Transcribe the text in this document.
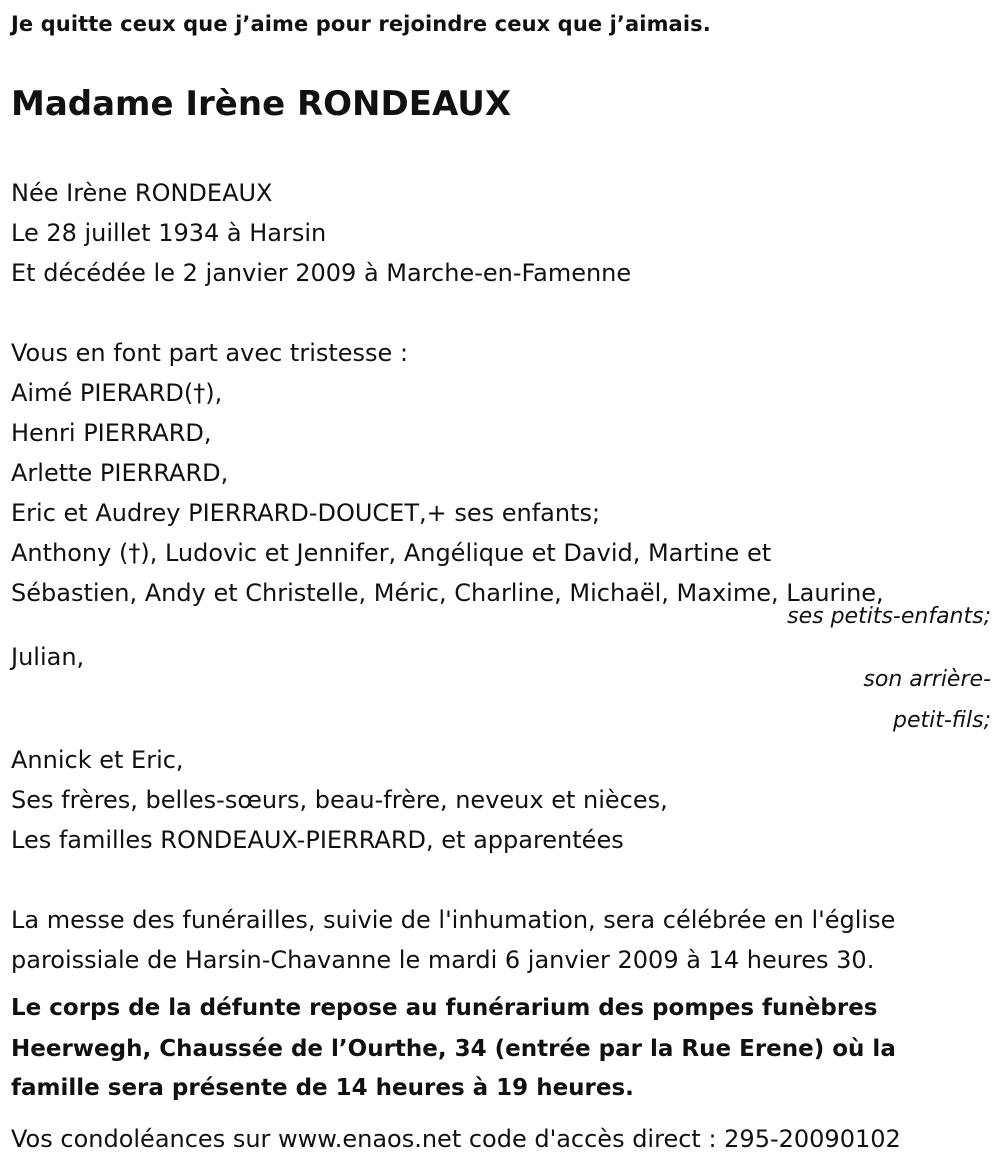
Je quitte ceux que j’aime pour rejoindre ceux que j’aimais.
Madame Irène RONDEAUX
Née Irène RONDEAUX
Le 28 juillet 1934 à Harsin
Et décédée le 2 janvier 2009 à Marche-en-Famenne
Vous en font part avec tristesse :
Aimé PIERARD(†),
Henri PIERRARD,
Arlette PIERRARD,
Eric et Audrey PIERRARD-DOUCET,+ ses enfants;
Anthony (†), Ludovic et Jennifer, Angélique et David, Martine et
Sébastien, Andy et Christelle, Méric, Charline, Michaël, Maxime, Laurine,
ses petits-enfants;
Julian,
son arrière-
petit-fils;
Annick et Eric,
Ses frères, belles-sœurs, beau-frère, neveux et nièces,
Les familles RONDEAUX-PIERRARD, et apparentées
La messe des funérailles, suivie de l'inhumation, sera célébrée en l'église
paroissiale de Harsin-Chavanne le mardi 6 janvier 2009 à 14 heures 30.
Le corps de la défunte repose au funérarium des pompes funèbres
Heerwegh, Chaussée de l’Ourthe, 34 (entrée par la Rue Erene) où la
famille sera présente de 14 heures à 19 heures.
Vos condoléances sur www.enaos.net code d'accès direct : 295-20090102
